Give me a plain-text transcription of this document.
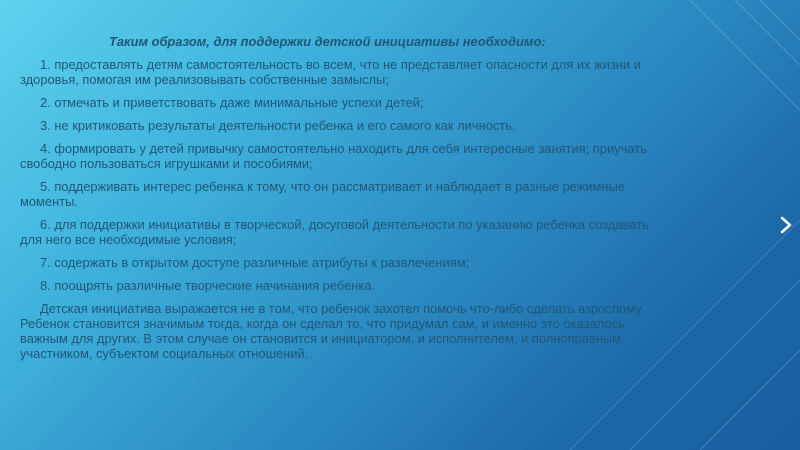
Таким образом, для поддержки детской инициативы необходимо:

1. предоставлять детям самостоятельность во всем, что не представляет опасности для их жизни и здоровья, помогая им реализовывать собственные замыслы;

2. отмечать и приветствовать даже минимальные успехи детей;

3. не критиковать результаты деятельности ребенка и его самого как личность.

4. формировать у детей привычку самостоятельно находить для себя интересные занятия; приучать свободно пользоваться игрушками и пособиями;

5. поддерживать интерес ребенка к тому, что он рассматривает и наблюдает в разные режимные моменты.

6. для поддержки инициативы в творческой, досуговой деятельности по указанию ребенка создавать для него все необходимые условия;

7. содержать в открытом доступе различные атрибуты к развлечениям;

8. поощрять различные творческие начинания ребенка.

Детская инициатива выражается не в том, что ребенок захотел помочь что-либо сделать взрослому. Ребенок становится значимым тогда, когда он сделал то, что придумал сам, и именно это оказалось важным для других. В этом случае он становится и инициатором, и исполнителем, и полноправным участником, субъектом социальных отношений.
